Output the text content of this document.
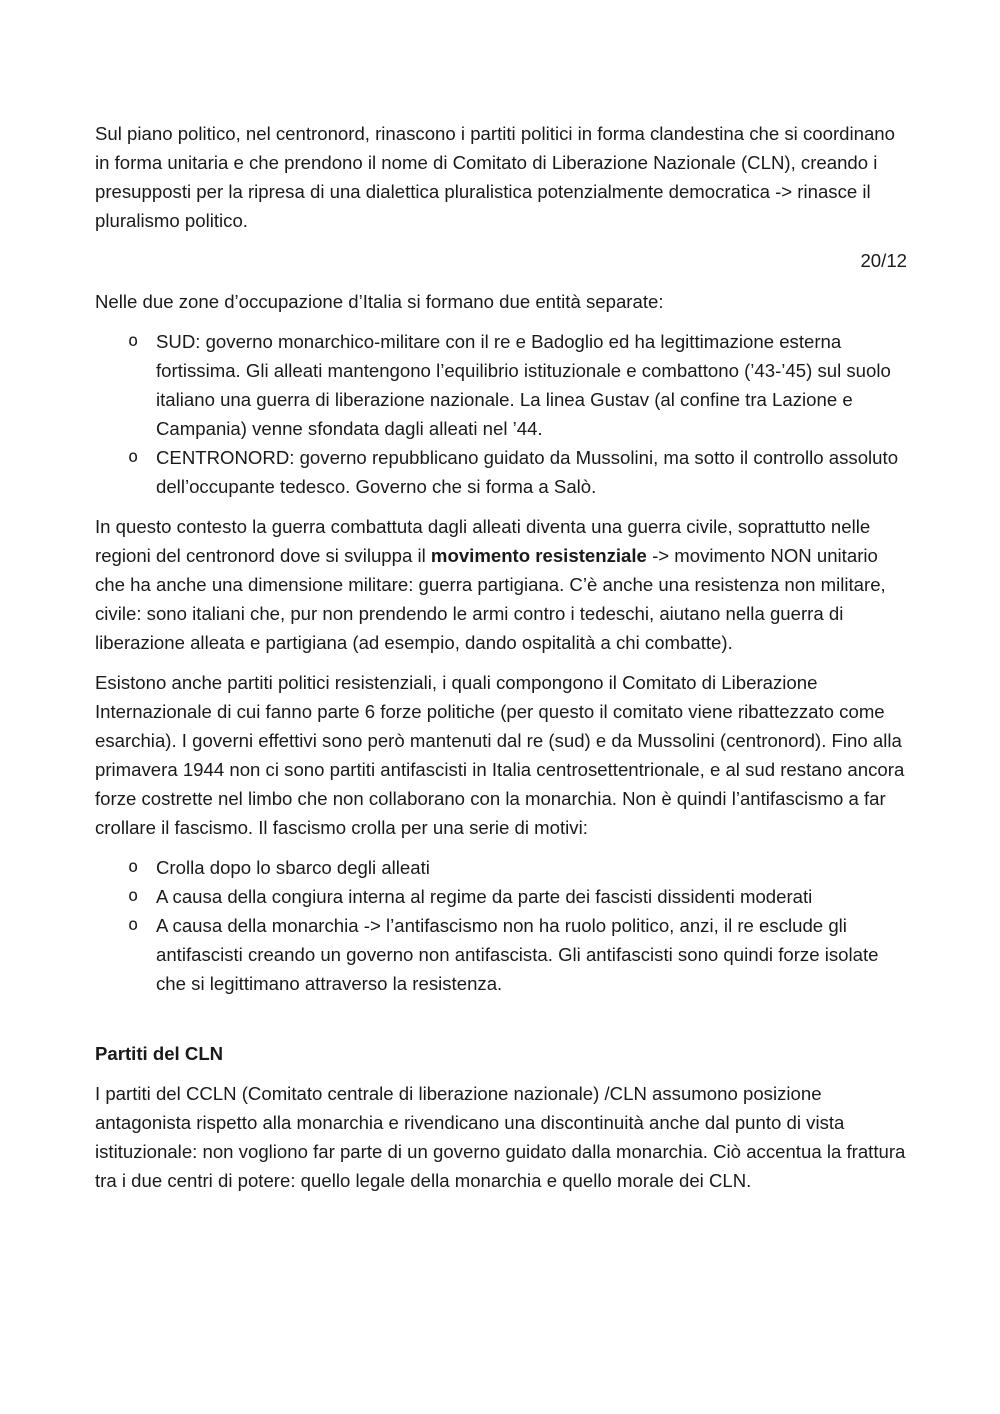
Sul piano politico, nel centronord, rinascono i partiti politici in forma clandestina che si coordinano in forma unitaria e che prendono il nome di Comitato di Liberazione Nazionale (CLN), creando i presupposti per la ripresa di una dialettica pluralistica potenzialmente democratica -> rinasce il pluralismo politico.

20/12

Nelle due zone d’occupazione d’Italia si formano due entità separate:

o SUD: governo monarchico-militare con il re e Badoglio ed ha legittimazione esterna fortissima. Gli alleati mantengono l’equilibrio istituzionale e combattono (’43-’45) sul suolo italiano una guerra di liberazione nazionale. La linea Gustav (al confine tra Lazione e Campania) venne sfondata dagli alleati nel ’44.
o CENTRONORD: governo repubblicano guidato da Mussolini, ma sotto il controllo assoluto dell’occupante tedesco. Governo che si forma a Salò.

In questo contesto la guerra combattuta dagli alleati diventa una guerra civile, soprattutto nelle regioni del centronord dove si sviluppa il movimento resistenziale -> movimento NON unitario che ha anche una dimensione militare: guerra partigiana. C’è anche una resistenza non militare, civile: sono italiani che, pur non prendendo le armi contro i tedeschi, aiutano nella guerra di liberazione alleata e partigiana (ad esempio, dando ospitalità a chi combatte).

Esistono anche partiti politici resistenziali, i quali compongono il Comitato di Liberazione Internazionale di cui fanno parte 6 forze politiche (per questo il comitato viene ribattezzato come esarchia). I governi effettivi sono però mantenuti dal re (sud) e da Mussolini (centronord). Fino alla primavera 1944 non ci sono partiti antifascisti in Italia centrosettentrionale, e al sud restano ancora forze costrette nel limbo che non collaborano con la monarchia. Non è quindi l’antifascismo a far crollare il fascismo. Il fascismo crolla per una serie di motivi:

o Crolla dopo lo sbarco degli alleati
o A causa della congiura interna al regime da parte dei fascisti dissidenti moderati
o A causa della monarchia -> l’antifascismo non ha ruolo politico, anzi, il re esclude gli antifascisti creando un governo non antifascista. Gli antifascisti sono quindi forze isolate che si legittimano attraverso la resistenza.

Partiti del CLN

I partiti del CCLN (Comitato centrale di liberazione nazionale) /CLN assumono posizione antagonista rispetto alla monarchia e rivendicano una discontinuità anche dal punto di vista istituzionale: non vogliono far parte di un governo guidato dalla monarchia. Ciò accentua la frattura tra i due centri di potere: quello legale della monarchia e quello morale dei CLN.
